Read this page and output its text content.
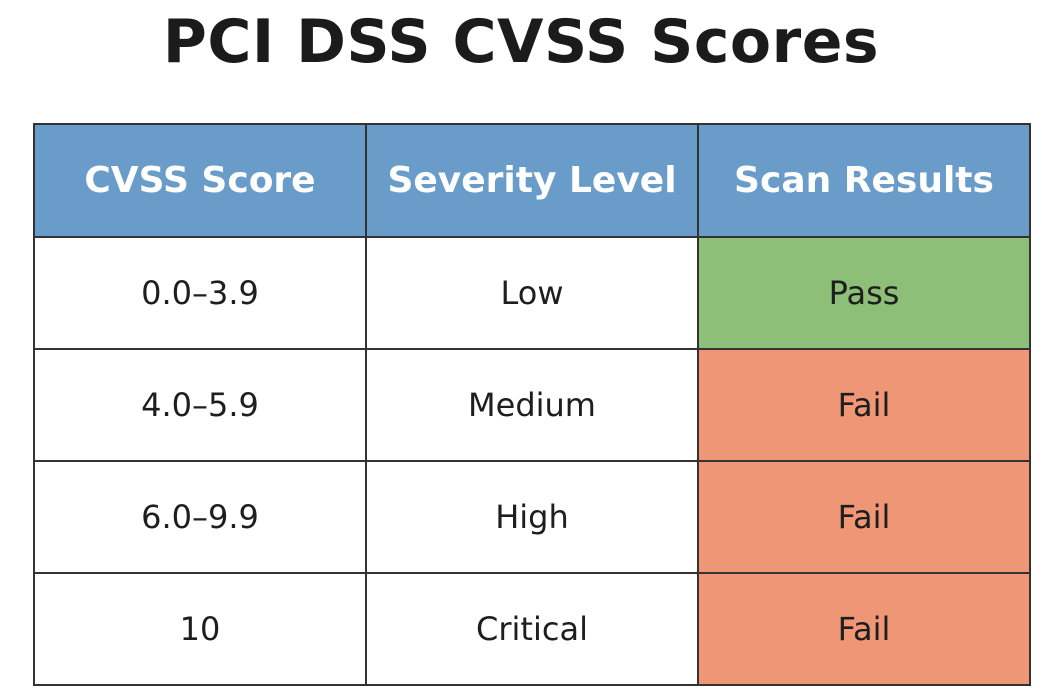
PCI DSS CVSS Scores
CVSS Score	Severity Level	Scan Results
0.0–3.9	Low	Pass
4.0–5.9	Medium	Fail
6.0–9.9	High	Fail
10	Critical	Fail
